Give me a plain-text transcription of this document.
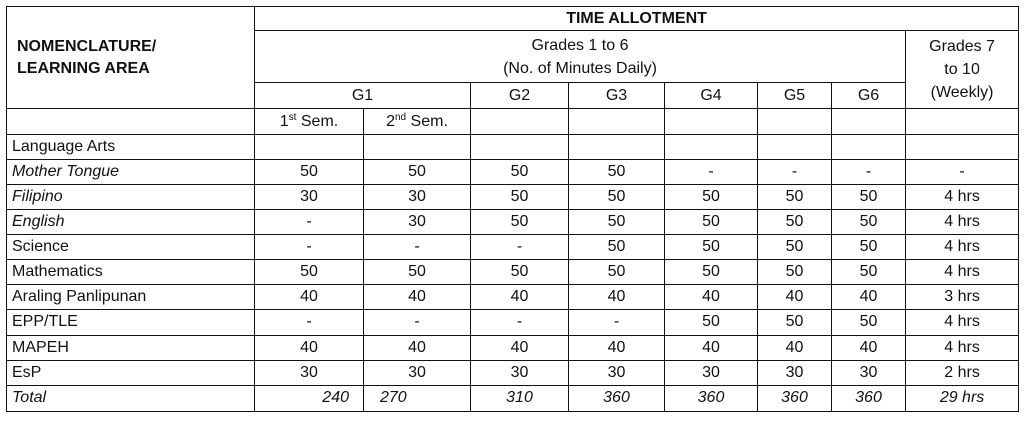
NOMENCLATURE/
LEARNING AREA	TIME ALLOTMENT							
	Grades 1 to 6
(No. of Minutes Daily)							Grades 7
to 10
(Weekly)

	G1		G2	G3	G4	G5	G6	
	1st Sem.	2nd Sem.						
Language Arts								
Mother Tongue	50	50	50	50	-	-	-	-
Filipino	30	30	50	50	50	50	50	4 hrs
English	-	30	50	50	50	50	50	4 hrs
Science	-	-	-	50	50	50	50	4 hrs
Mathematics	50	50	50	50	50	50	50	4 hrs
Araling Panlipunan	40	40	40	40	40	40	40	3 hrs
EPP/TLE	-	-	-	-	50	50	50	4 hrs
MAPEH	40	40	40	40	40	40	40	4 hrs
EsP	30	30	30	30	30	30	30	2 hrs
Total	240	270	310	360	360	360	360	29 hrs
